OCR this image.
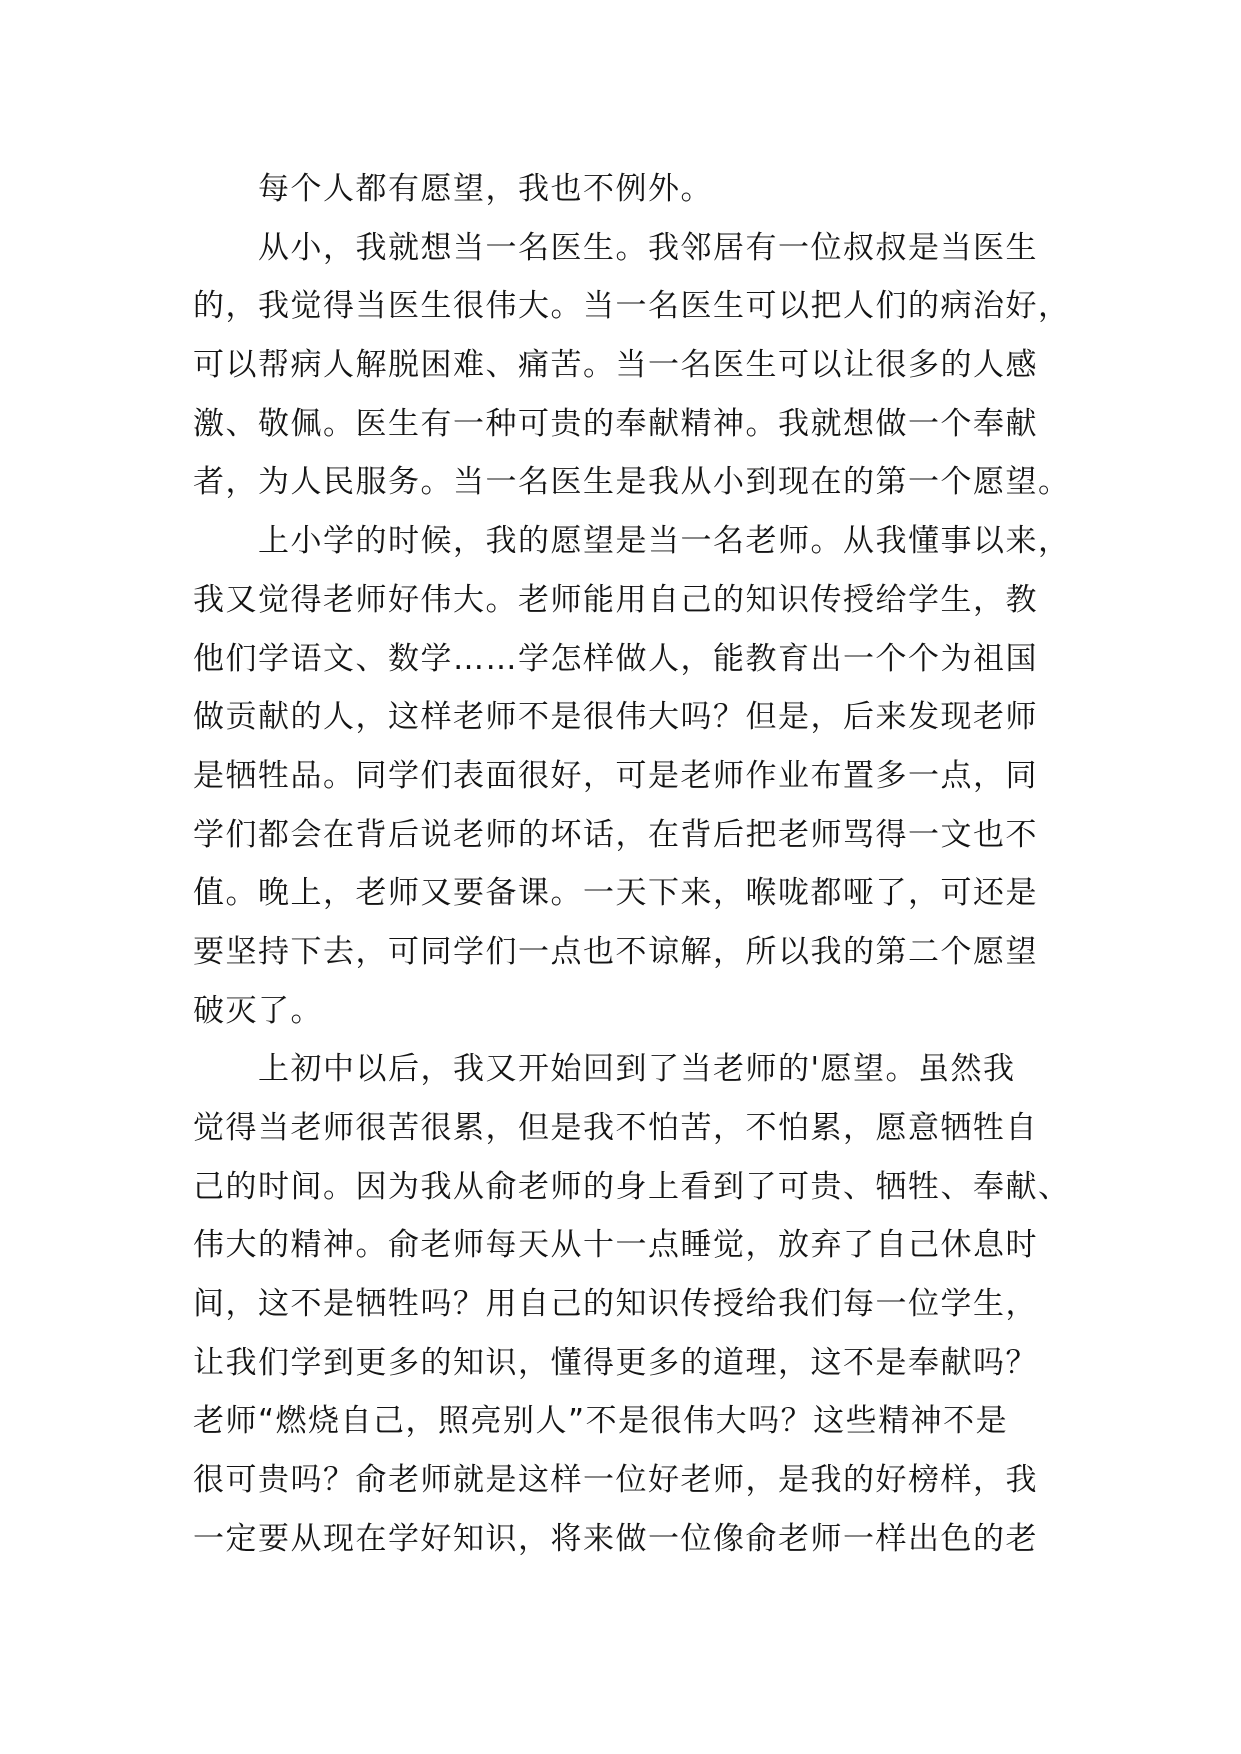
　　每个人都有愿望，我也不例外。
　　从小，我就想当一名医生。我邻居有一位叔叔是当医生
的，我觉得当医生很伟大。当一名医生可以把人们的病治好，
可以帮病人解脱困难、痛苦。当一名医生可以让很多的人感
激、敬佩。医生有一种可贵的奉献精神。我就想做一个奉献
者，为人民服务。当一名医生是我从小到现在的第一个愿望。
　　上小学的时候，我的愿望是当一名老师。从我懂事以来，
我又觉得老师好伟大。老师能用自己的知识传授给学生，教
他们学语文、数学……学怎样做人，能教育出一个个为祖国
做贡献的人，这样老师不是很伟大吗？但是，后来发现老师
是牺牲品。同学们表面很好，可是老师作业布置多一点，同
学们都会在背后说老师的坏话，在背后把老师骂得一文也不
值。晚上，老师又要备课。一天下来，喉咙都哑了，可还是
要坚持下去，可同学们一点也不谅解，所以我的第二个愿望
破灭了。
　　上初中以后，我又开始回到了当老师的'愿望。虽然我
觉得当老师很苦很累，但是我不怕苦，不怕累，愿意牺牲自
己的时间。因为我从俞老师的身上看到了可贵、牺牲、奉献、
伟大的精神。俞老师每天从十一点睡觉，放弃了自己休息时
间，这不是牺牲吗？用自己的知识传授给我们每一位学生，
让我们学到更多的知识，懂得更多的道理，这不是奉献吗？
老师“燃烧自己，照亮别人”不是很伟大吗？这些精神不是
很可贵吗？俞老师就是这样一位好老师，是我的好榜样，我
一定要从现在学好知识，将来做一位像俞老师一样出色的老
